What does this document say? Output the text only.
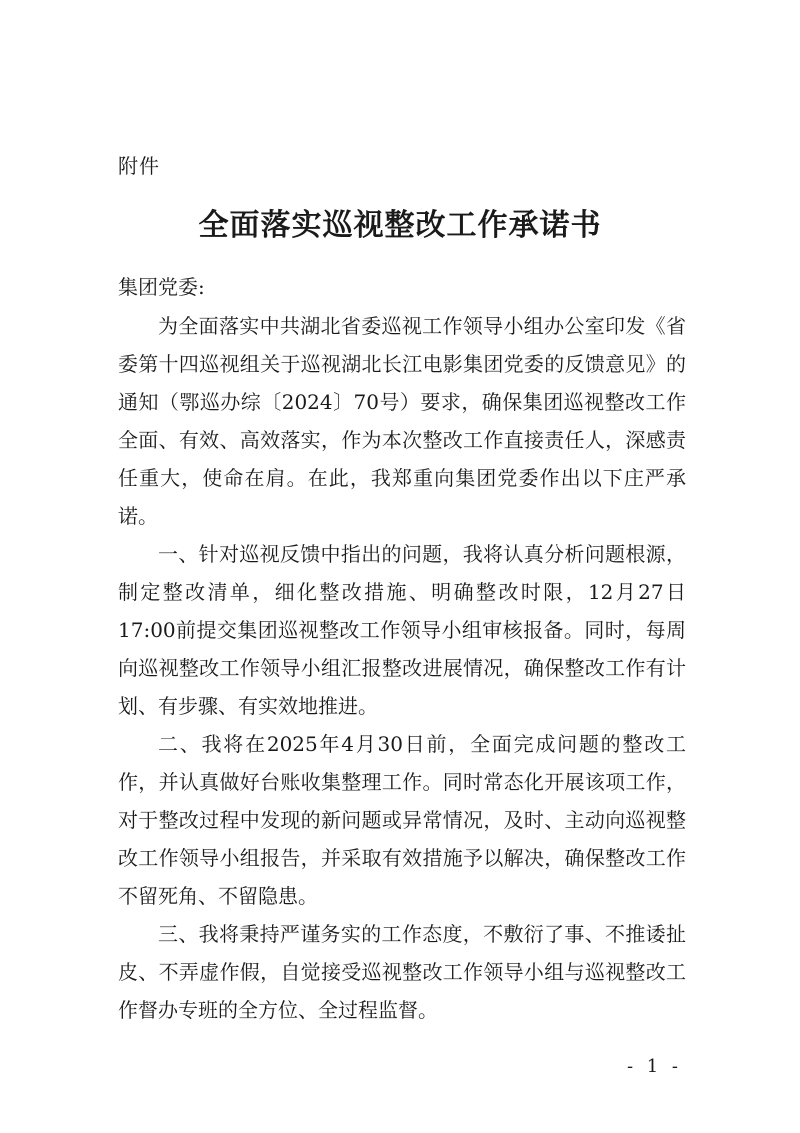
附件
全面落实巡视整改工作承诺书
集团党委:

为全面落实中共湖北省委巡视工作领导小组办公室印发《省委第十四巡视组关于巡视湖北长江电影集团党委的反馈意见》的通知（鄂巡办综〔2024〕70号）要求，确保集团巡视整改工作全面、有效、高效落实，作为本次整改工作直接责任人，深感责任重大，使命在肩。在此，我郑重向集团党委作出以下庄严承诺。

一、针对巡视反馈中指出的问题，我将认真分析问题根源，制定整改清单，细化整改措施、明确整改时限，12月27日17:00前提交集团巡视整改工作领导小组审核报备。同时，每周向巡视整改工作领导小组汇报整改进展情况，确保整改工作有计划、有步骤、有实效地推进。

二、我将在2025年4月30日前，全面完成问题的整改工作，并认真做好台账收集整理工作。同时常态化开展该项工作，对于整改过程中发现的新问题或异常情况，及时、主动向巡视整改工作领导小组报告，并采取有效措施予以解决，确保整改工作不留死角、不留隐患。

三、我将秉持严谨务实的工作态度，不敷衍了事、不推诿扯皮、不弄虚作假，自觉接受巡视整改工作领导小组与巡视整改工作督办专班的全方位、全过程监督。

- 1 -
